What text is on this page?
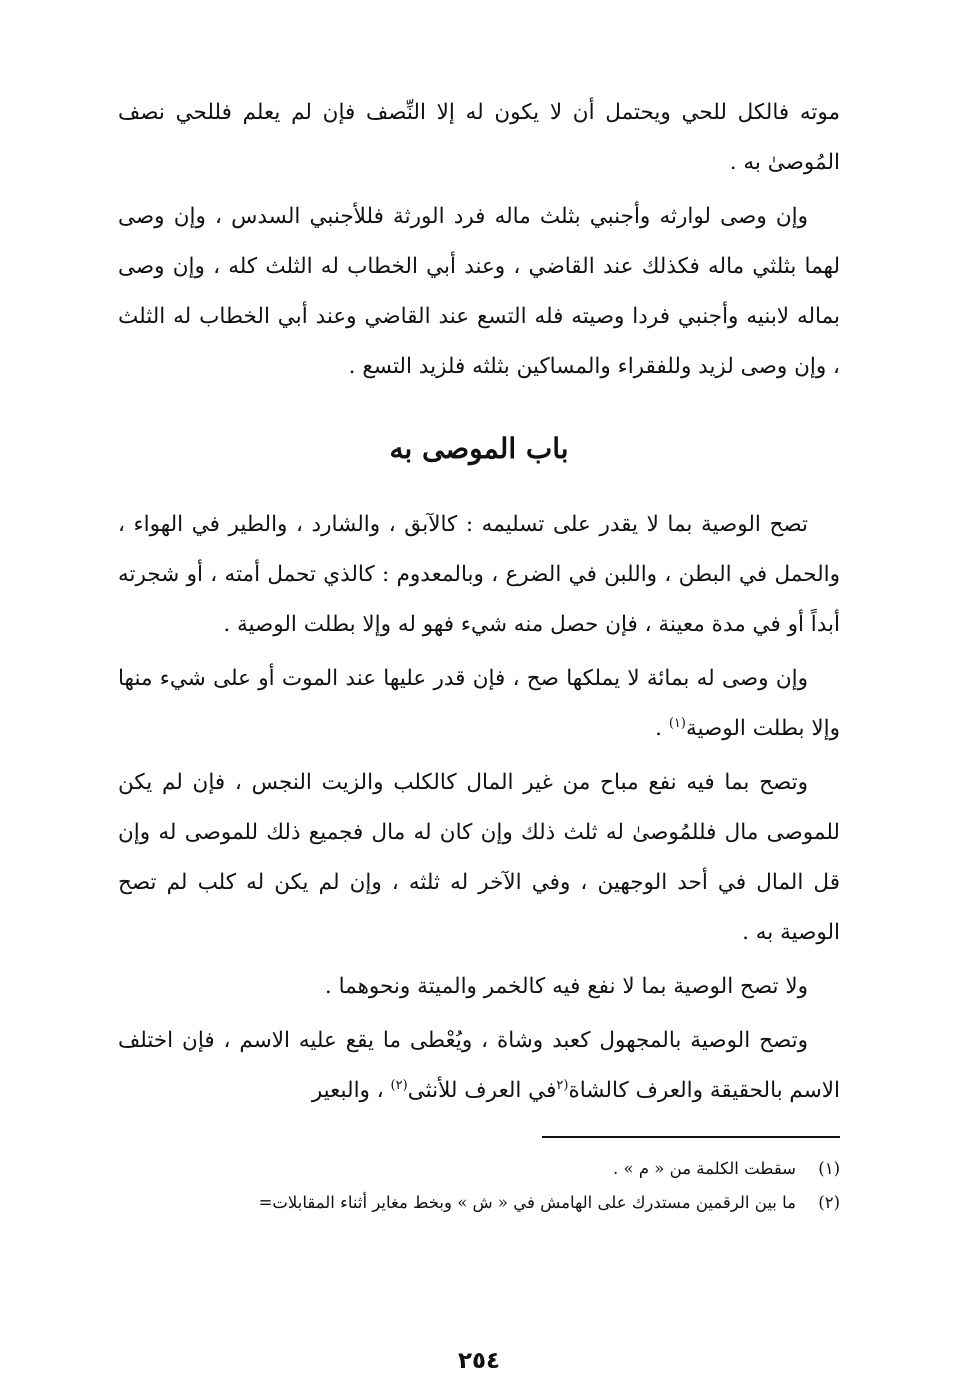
موته فالكل للحي ويحتمل أن لا يكون له إلا النِّصف فإن لم يعلم فللحي نصف المُوصىٰ به .

وإن وصى لوارثه وأجنبي بثلث ماله فرد الورثة فللأجنبي السدس ، وإن وصى لهما بثلثي ماله فكذلك عند القاضي ، وعند أبي الخطاب له الثلث كله ، وإن وصى بماله لابنيه وأجنبي فردا وصيته فله التسع عند القاضي وعند أبي الخطاب له الثلث ، وإن وصى لزيد وللفقراء والمساكين بثلثه فلزيد التسع .

باب الموصى به

تصح الوصية بما لا يقدر على تسليمه : كالآبق ، والشارد ، والطير في الهواء ، والحمل في البطن ، واللبن في الضرع ، وبالمعدوم : كالذي تحمل أمته ، أو شجرته أبداً أو في مدة معينة ، فإن حصل منه شيء فهو له وإلا بطلت الوصية .

وإن وصى له بمائة لا يملكها صح ، فإن قدر عليها عند الموت أو على شيء منها وإلا بطلت الوصية$^{(١)}$ .

وتصح بما فيه نفع مباح من غير المال كالكلب والزيت النجس ، فإن لم يكن للموصى مال فللمُوصىٰ له ثلث ذلك وإن كان له مال فجميع ذلك للموصى له وإن قل المال في أحد الوجهين ، وفي الآخر له ثلثه ، وإن لم يكن له كلب لم تصح الوصية به .

ولا تصح الوصية بما لا نفع فيه كالخمر والميتة ونحوهما .

وتصح الوصية بالمجهول كعبد وشاة ، ويُعْطى ما يقع عليه الاسم ، فإن اختلف الاسم بالحقيقة والعرف كالشاة$^{(٢}$في العرف للأنثى$^{(٢)}$ ، والبعير

(١)
سقطت الكلمة من « م » .
(٢)
ما بين الرقمين مستدرك على الهامش في « ش » وبخط مغاير أثناء المقابلات=
٢٥٤
